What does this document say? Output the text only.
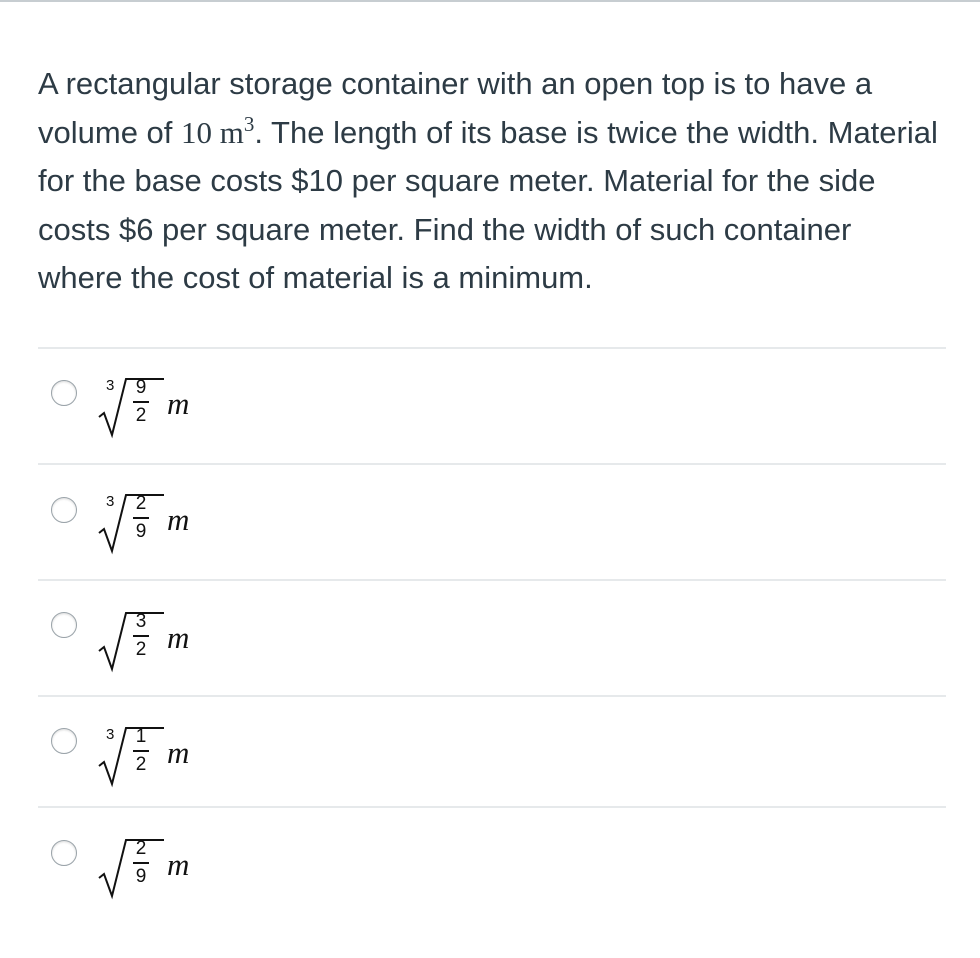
A rectangular storage container with an open top is to have a volume of 10 $m^3$. The length of its base is twice the width. Material for the base costs $10 per square meter. Material for the side costs $6 per square meter. Find the width of such container where the cost of material is a minimum.
3 9
2 m
3 2
9 m
3
2 m
3 1
2 m
2
9 m
